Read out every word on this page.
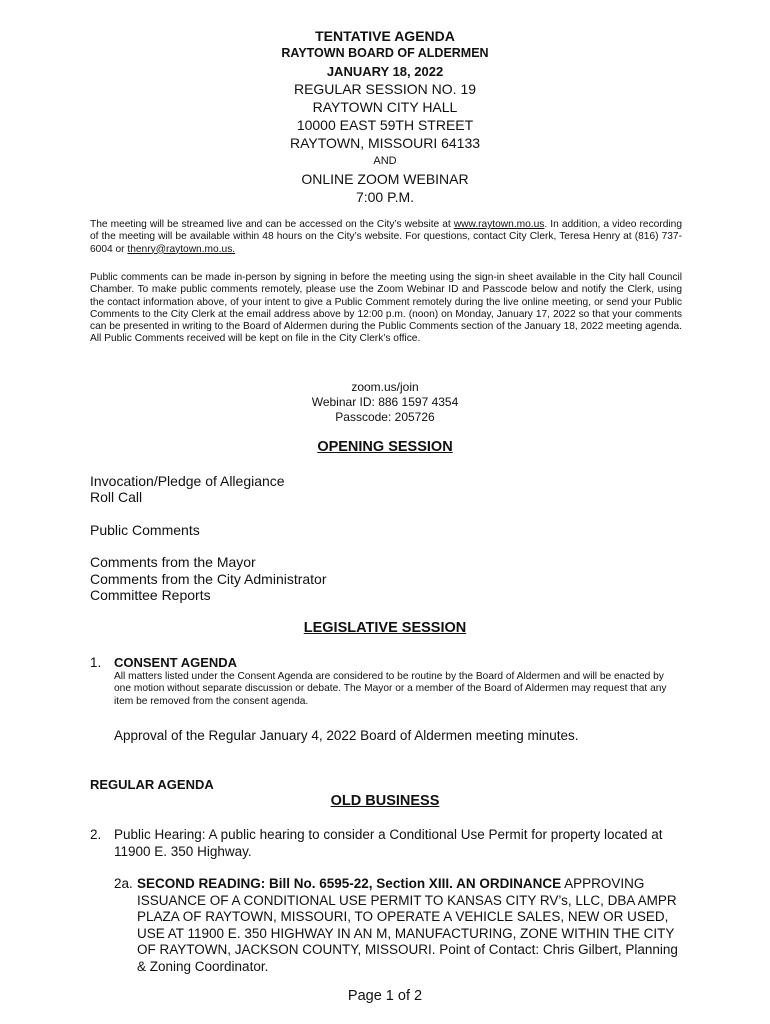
TENTATIVE AGENDA
RAYTOWN BOARD OF ALDERMEN
JANUARY 18, 2022
REGULAR SESSION NO. 19
RAYTOWN CITY HALL
10000 EAST 59TH STREET
RAYTOWN, MISSOURI 64133
AND
ONLINE ZOOM WEBINAR
7:00 P.M.
The meeting will be streamed live and can be accessed on the City’s website at www.raytown.mo.us. In addition, a video recording of the meeting will be available within 48 hours on the City’s website. For questions, contact City Clerk, Teresa Henry at (816) 737-6004 or thenry@raytown.mo.us.
Public comments can be made in-person by signing in before the meeting using the sign-in sheet available in the City hall Council Chamber. To make public comments remotely, please use the Zoom Webinar ID and Passcode below and notify the Clerk, using the contact information above, of your intent to give a Public Comment remotely during the live online meeting, or send your Public Comments to the City Clerk at the email address above by 12:00 p.m. (noon) on Monday, January 17, 2022 so that your comments can be presented in writing to the Board of Aldermen during the Public Comments section of the January 18, 2022 meeting agenda. All Public Comments received will be kept on file in the City Clerk’s office.
zoom.us/join
Webinar ID: 886 1597 4354
Passcode: 205726
OPENING SESSION
Invocation/Pledge of Allegiance
Roll Call
Public Comments
Comments from the Mayor
Comments from the City Administrator
Committee Reports
LEGISLATIVE SESSION
1. CONSENT AGENDA
All matters listed under the Consent Agenda are considered to be routine by the Board of Aldermen and will be enacted by one motion without separate discussion or debate. The Mayor or a member of the Board of Aldermen may request that any item be removed from the consent agenda.
Approval of the Regular January 4, 2022 Board of Aldermen meeting minutes.
REGULAR AGENDA
OLD BUSINESS
2. Public Hearing: A public hearing to consider a Conditional Use Permit for property located at 11900 E. 350 Highway.
2a. SECOND READING: Bill No. 6595-22, Section XIII. AN ORDINANCE APPROVING ISSUANCE OF A CONDITIONAL USE PERMIT TO KANSAS CITY RV’s, LLC, DBA AMPR PLAZA OF RAYTOWN, MISSOURI, TO OPERATE A VEHICLE SALES, NEW OR USED, USE AT 11900 E. 350 HIGHWAY IN AN M, MANUFACTURING, ZONE WITHIN THE CITY OF RAYTOWN, JACKSON COUNTY, MISSOURI. Point of Contact: Chris Gilbert, Planning & Zoning Coordinator.
Page 1 of 2
